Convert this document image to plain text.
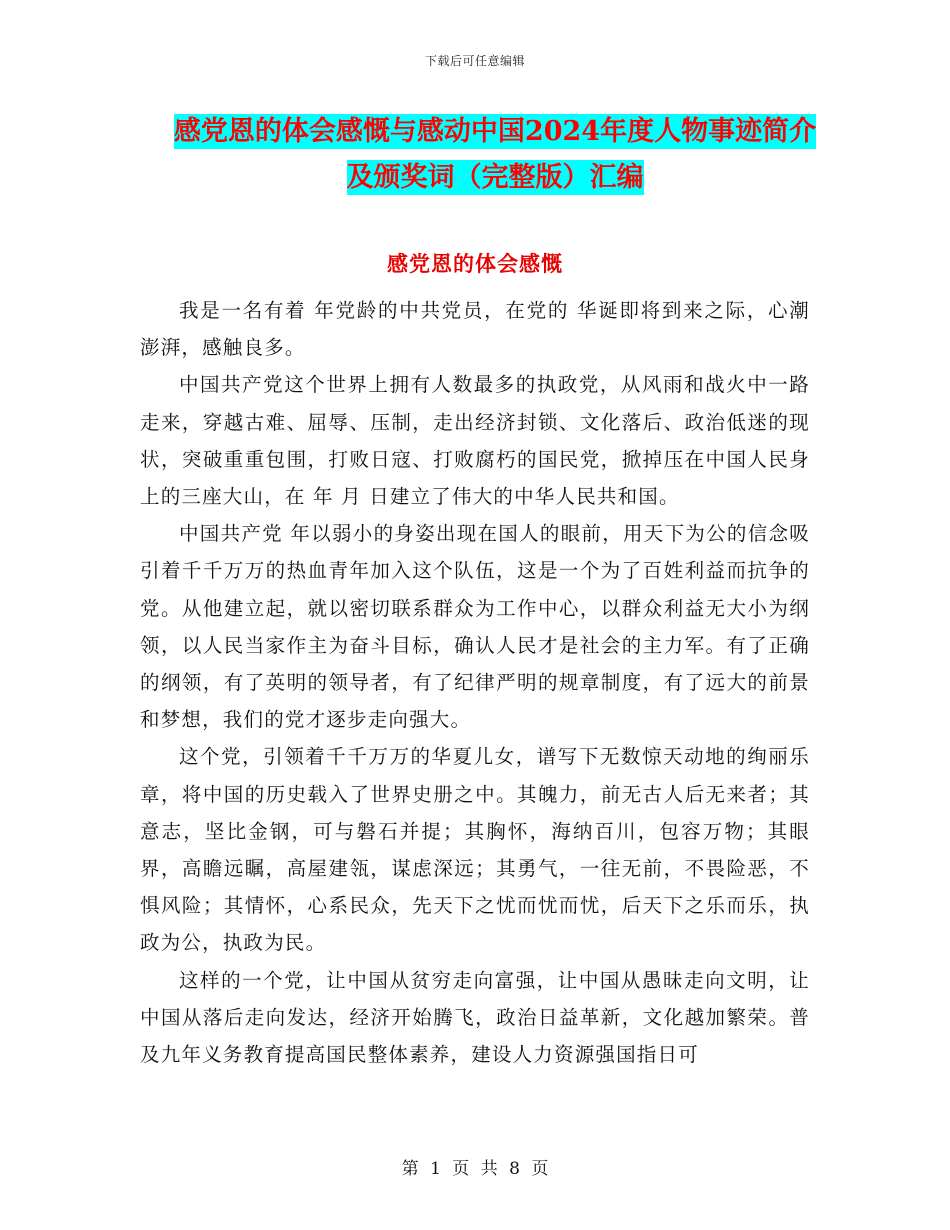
下载后可任意编辑
感党恩的体会感慨与感动中国2024年度人物事迹简介
及颁奖词（完整版）汇编
感党恩的体会感慨

我是一名有着 年党龄的中共党员，在党的 华诞即将到来之际，心潮澎湃，感触良多。

中国共产党这个世界上拥有人数最多的执政党，从风雨和战火中一路走来，穿越古难、屈辱、压制，走出经济封锁、文化落后、政治低迷的现状，突破重重包围，打败日寇、打败腐朽的国民党，掀掉压在中国人民身上的三座大山，在 年 月 日建立了伟大的中华人民共和国。

中国共产党 年以弱小的身姿出现在国人的眼前，用天下为公的信念吸引着千千万万的热血青年加入这个队伍，这是一个为了百姓利益而抗争的党。从他建立起，就以密切联系群众为工作中心，以群众利益无大小为纲领，以人民当家作主为奋斗目标，确认人民才是社会的主力军。有了正确的纲领，有了英明的领导者，有了纪律严明的规章制度，有了远大的前景和梦想，我们的党才逐步走向强大。

这个党，引领着千千万万的华夏儿女，谱写下无数惊天动地的绚丽乐章，将中国的历史载入了世界史册之中。其魄力，前无古人后无来者；其意志，坚比金钢，可与磐石并提；其胸怀，海纳百川，包容万物；其眼界，高瞻远瞩，高屋建瓴，谋虑深远；其勇气，一往无前，不畏险恶，不惧风险；其情怀，心系民众，先天下之忧而忧而忧，后天下之乐而乐，执政为公，执政为民。

这样的一个党，让中国从贫穷走向富强，让中国从愚昧走向文明，让中国从落后走向发达，经济开始腾飞，政治日益革新，文化越加繁荣。普及九年义务教育提高国民整体素养，建设人力资源强国指日可

第 1 页 共 8 页
